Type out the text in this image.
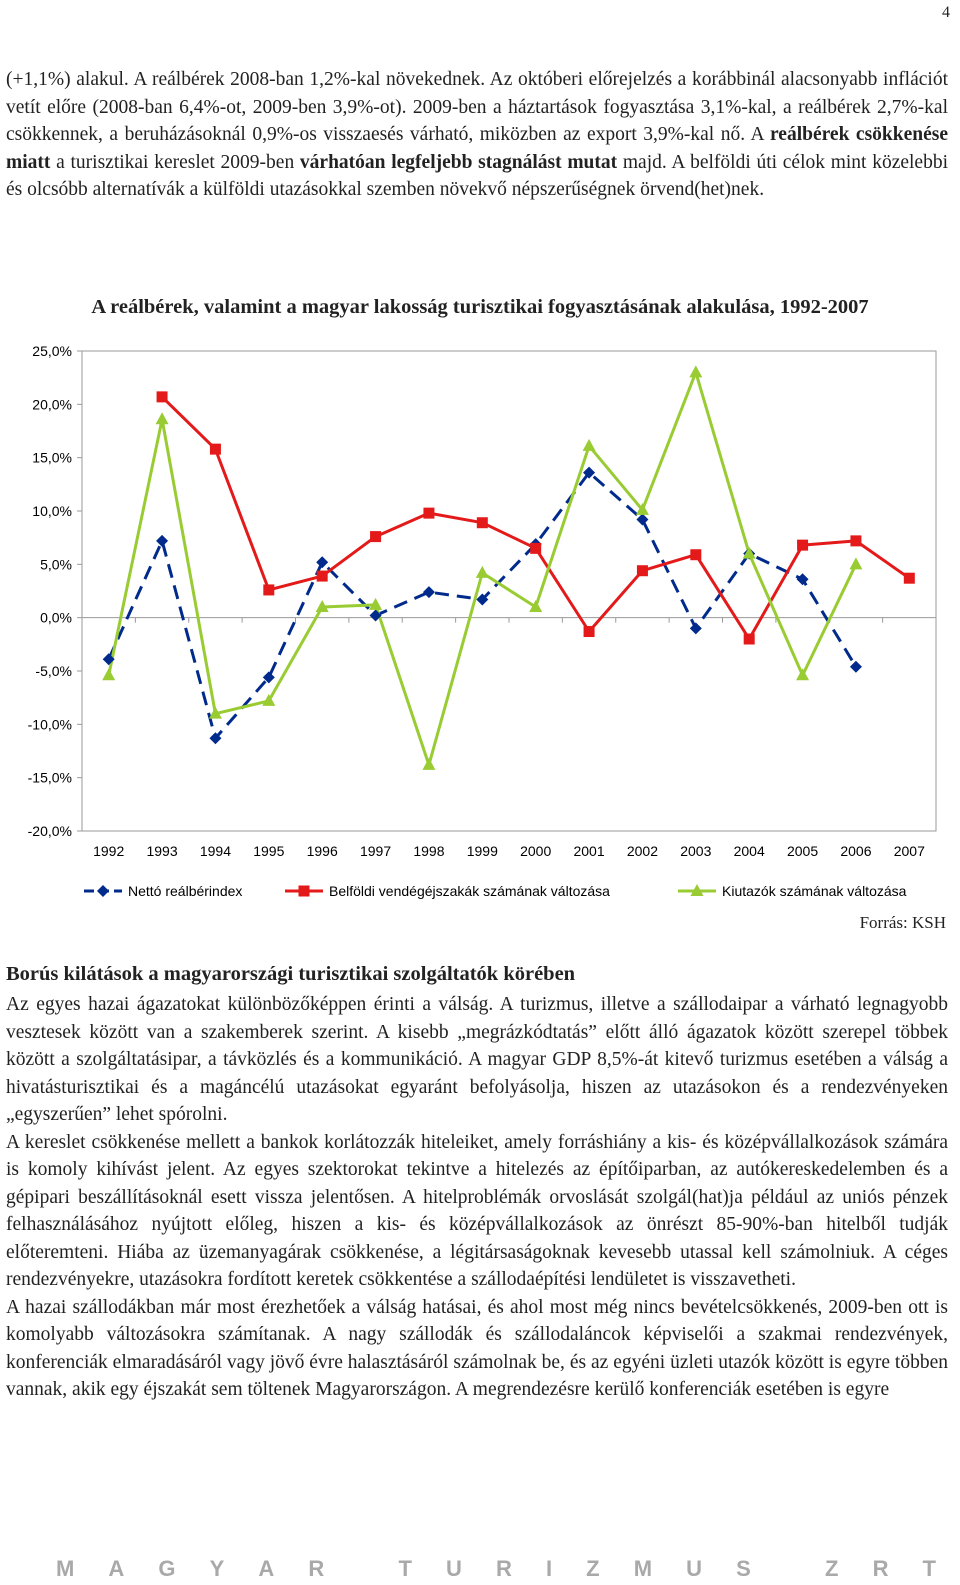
4

(+1,1%) alakul. A reálbérek 2008-ban 1,2%-kal növekednek. Az októberi előrejelzés a korábbinál alacsonyabb inflációt vetít előre (2008-ban 6,4%-ot, 2009-ben 3,9%-ot). 2009-ben a háztartások fogyasztása 3,1%-kal, a reálbérek 2,7%-kal csökkennek, a beruházásoknál 0,9%-os visszaesés várható, miközben az export 3,9%-kal nő. A reálbérek csökkenése miatt a turisztikai kereslet 2009-ben várhatóan legfeljebb stagnálást mutat majd. A belföldi úti célok mint közelebbi és olcsóbb alternatívák a külföldi utazásokkal szemben növekvő népszerűségnek örvend(het)nek.

A reálbérek, valamint a magyar lakosság turisztikai fogyasztásának alakulása, 1992-2007
25,0%
20,0%
15,0%
10,0%
5,0%
0,0%
-5,0%
-10,0%
-15,0%
-20,0%
1992 1993 1994 1995 1996 1997 1998 1999 2000 2001 2002 2003 2004 2005 2006 2007
Nettó reálbérindex	Belföldi vendégéjszakák számának változása	Kiutazók számának változása
Forrás: KSH
Borús kilátások a magyarországi turisztikai szolgáltatók körében
Az egyes hazai ágazatokat különbözőképpen érinti a válság. A turizmus, illetve a szállodaipar a várható legnagyobb vesztesek között van a szakemberek szerint. A kisebb „megrázkódtatás” előtt álló ágazatok között szerepel többek között a szolgáltatásipar, a távközlés és a kommunikáció. A magyar GDP 8,5%-át kitevő turizmus esetében a válság a hivatásturisztikai és a magáncélú utazásokat egyaránt befolyásolja, hiszen az utazásokon és a rendezvényeken „egyszerűen” lehet spórolni.
A kereslet csökkenése mellett a bankok korlátozzák hiteleiket, amely forráshiány a kis- és középvállalkozások számára is komoly kihívást jelent. Az egyes szektorokat tekintve a hitelezés az építőiparban, az autókereskedelemben és a gépipari beszállításoknál esett vissza jelentősen. A hitelproblémák orvoslását szolgál(hat)ja például az uniós pénzek felhasználásához nyújtott előleg, hiszen a kis- és középvállalkozások az önrészt 85-90%-ban hitelből tudják előteremteni. Hiába az üzemanyagárak csökkenése, a légitársaságoknak kevesebb utassal kell számolniuk. A céges rendezvényekre, utazásokra fordított keretek csökkentése a szállodaépítési lendületet is visszavetheti.
A hazai szállodákban már most érezhetőek a válság hatásai, és ahol most még nincs bevételcsökkenés, 2009-ben ott is komolyabb változásokra számítanak. A nagy szállodák és szállodaláncok képviselői a szakmai rendezvények, konferenciák elmaradásáról vagy jövő évre halasztásáról számolnak be, és az egyéni üzleti utazók között is egyre többen vannak, akik egy éjszakát sem töltenek Magyarországon. A megrendezésre kerülő konferenciák esetében is egyre
M A G Y A R
	T U R I Z M U S
	Z R T
